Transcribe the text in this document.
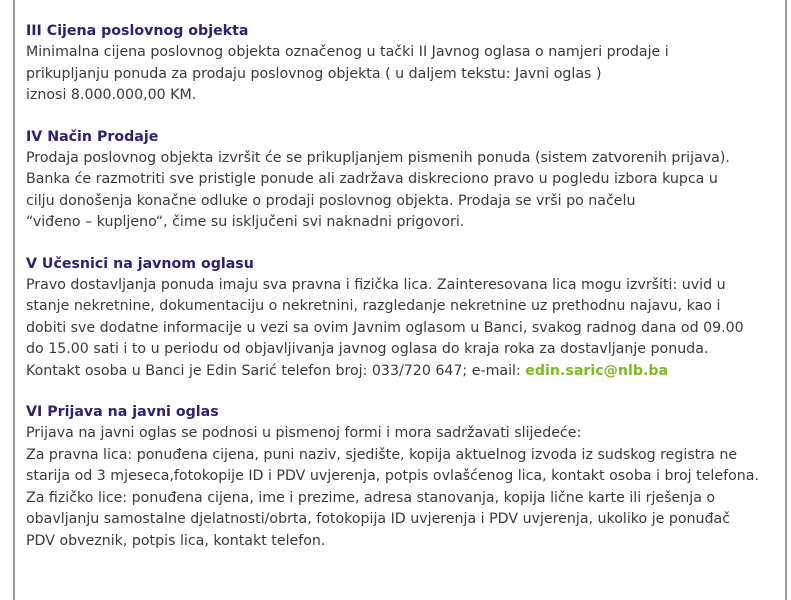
III Cijena poslovnog objekta

Minimalna cijena poslovnog objekta označenog u tački II Javnog oglasa o namjeri prodaje i
prikupljanju ponuda za prodaju poslovnog objekta ( u daljem tekstu: Javni oglas )
iznosi 8.000.000,00 KM.

IV Način Prodaje

Prodaja poslovnog objekta izvršit će se prikupljanjem pismenih ponuda (sistem zatvorenih prijava).
Banka će razmotriti sve pristigle ponude ali zadržava diskreciono pravo u pogledu izbora kupca u
cilju donošenja konačne odluke o prodaji poslovnog objekta. Prodaja se vrši po načelu
“viđeno – kupljeno“, čime su isključeni svi naknadni prigovori.

V Učesnici na javnom oglasu

Pravo dostavljanja ponuda imaju sva pravna i fizička lica. Zainteresovana lica mogu izvršiti: uvid u
stanje nekretnine, dokumentaciju o nekretnini, razgledanje nekretnine uz prethodnu najavu, kao i
dobiti sve dodatne informacije u vezi sa ovim Javnim oglasom u Banci, svakog radnog dana od 09.00
do 15.00 sati i to u periodu od objavljivanja javnog oglasa do kraja roka za dostavljanje ponuda.
Kontakt osoba u Banci je Edin Sarić telefon broj: 033/720 647; e-mail: edin.saric@nlb.ba

VI Prijava na javni oglas

Prijava na javni oglas se podnosi u pismenoj formi i mora sadržavati slijedeće:
Za pravna lica: ponuđena cijena, puni naziv, sjedište, kopija aktuelnog izvoda iz sudskog registra ne
starija od 3 mjeseca,fotokopije ID i PDV uvjerenja, potpis ovlašćenog lica, kontakt osoba i broj telefona.
Za fizičko lice: ponuđena cijena, ime i prezime, adresa stanovanja, kopija lične karte ili rješenja o
obavljanju samostalne djelatnosti/obrta, fotokopija ID uvjerenja i PDV uvjerenja, ukoliko je ponuđač
PDV obveznik, potpis lica, kontakt telefon.
